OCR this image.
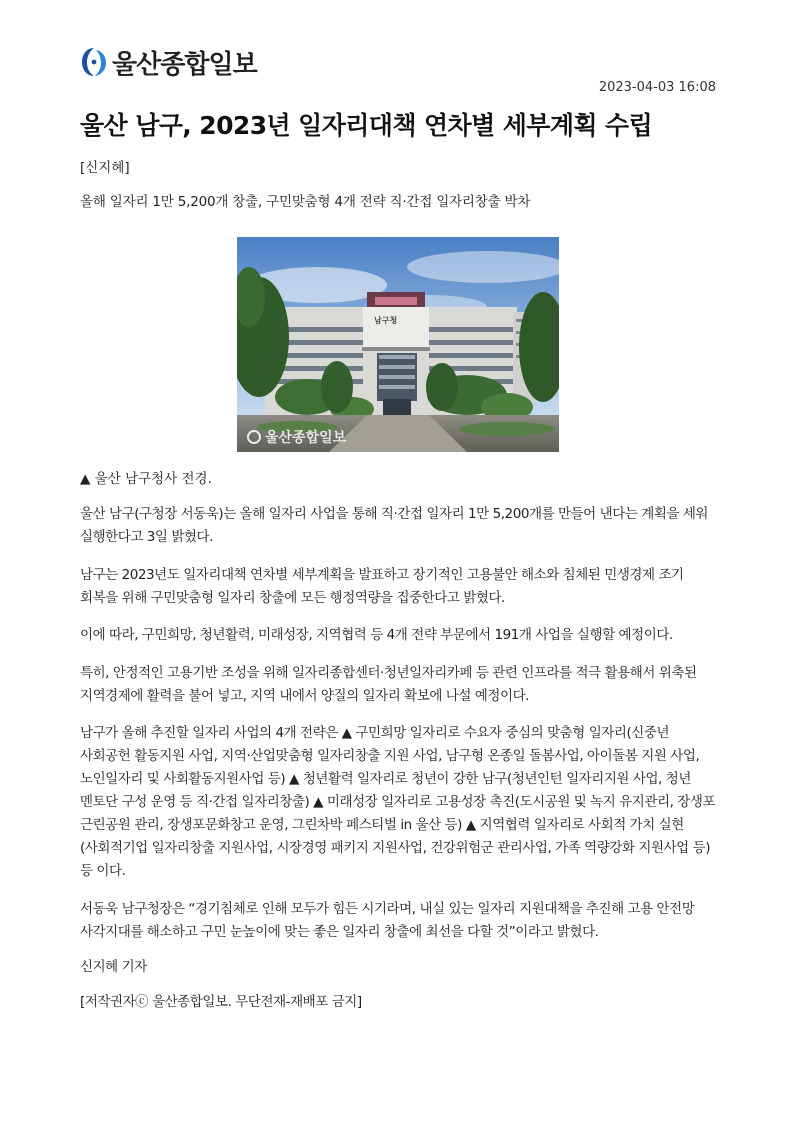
울산종합일보
2023-04-03 16:08
울산 남구, 2023년 일자리대책 연차별 세부계획 수립
[신지혜]
올해 일자리 1만 5,200개 창출, 구민맞춤형 4개 전략 직·간접 일자리창출 박차
남구청
울산종합일보
▲ 울산 남구청사 전경.

울산 남구(구청장 서동욱)는 올해 일자리 사업을 통해 직·간접 일자리 1만 5,200개를 만들어 낸다는 계획을 세워 실행한다고 3일 밝혔다.

남구는 2023년도 일자리대책 연차별 세부계획을 발표하고 장기적인 고용불안 해소와 침체된 민생경제 조기 회복을 위해 구민맞춤형 일자리 창출에 모든 행정역량을 집중한다고 밝혔다.

이에 따라, 구민희망, 청년활력, 미래성장, 지역협력 등 4개 전략 부문에서 191개 사업을 실행할 예정이다.

특히, 안정적인 고용기반 조성을 위해 일자리종합센터·청년일자리카페 등 관련 인프라를 적극 활용해서 위축된 지역경제에 활력을 불어 넣고, 지역 내에서 양질의 일자리 확보에 나설 예정이다.

남구가 올해 추진할 일자리 사업의 4개 전략은 ▲ 구민희망 일자리로 수요자 중심의 맞춤형 일자리(신중년 사회공헌 활동지원 사업, 지역·산업맞춤형 일자리창출 지원 사업, 남구형 온종일 돌봄사업, 아이돌봄 지원 사업, 노인일자리 및 사회활동지원사업 등) ▲ 청년활력 일자리로 청년이 강한 남구(청년인턴 일자리지원 사업, 청년 멘토단 구성 운영 등 직·간접 일자리창출) ▲ 미래성장 일자리로 고용성장 촉진(도시공원 및 녹지 유지관리, 장생포 근린공원 관리, 장생포문화창고 운영, 그린차박 페스티벌 in 울산 등) ▲ 지역협력 일자리로 사회적 가치 실현(사회적기업 일자리창출 지원사업, 시장경영 패키지 지원사업, 건강위험군 관리사업, 가족 역량강화 지원사업 등) 등 이다.

서동욱 남구청장은 “경기침체로 인해 모두가 힘든 시기라며, 내실 있는 일자리 지원대책을 추진해 고용 안전망 사각지대를 해소하고 구민 눈높이에 맞는 좋은 일자리 창출에 최선을 다할 것”이라고 밝혔다.

신지혜 기자

[저작권자ⓒ 울산종합일보. 무단전재-재배포 금지]
